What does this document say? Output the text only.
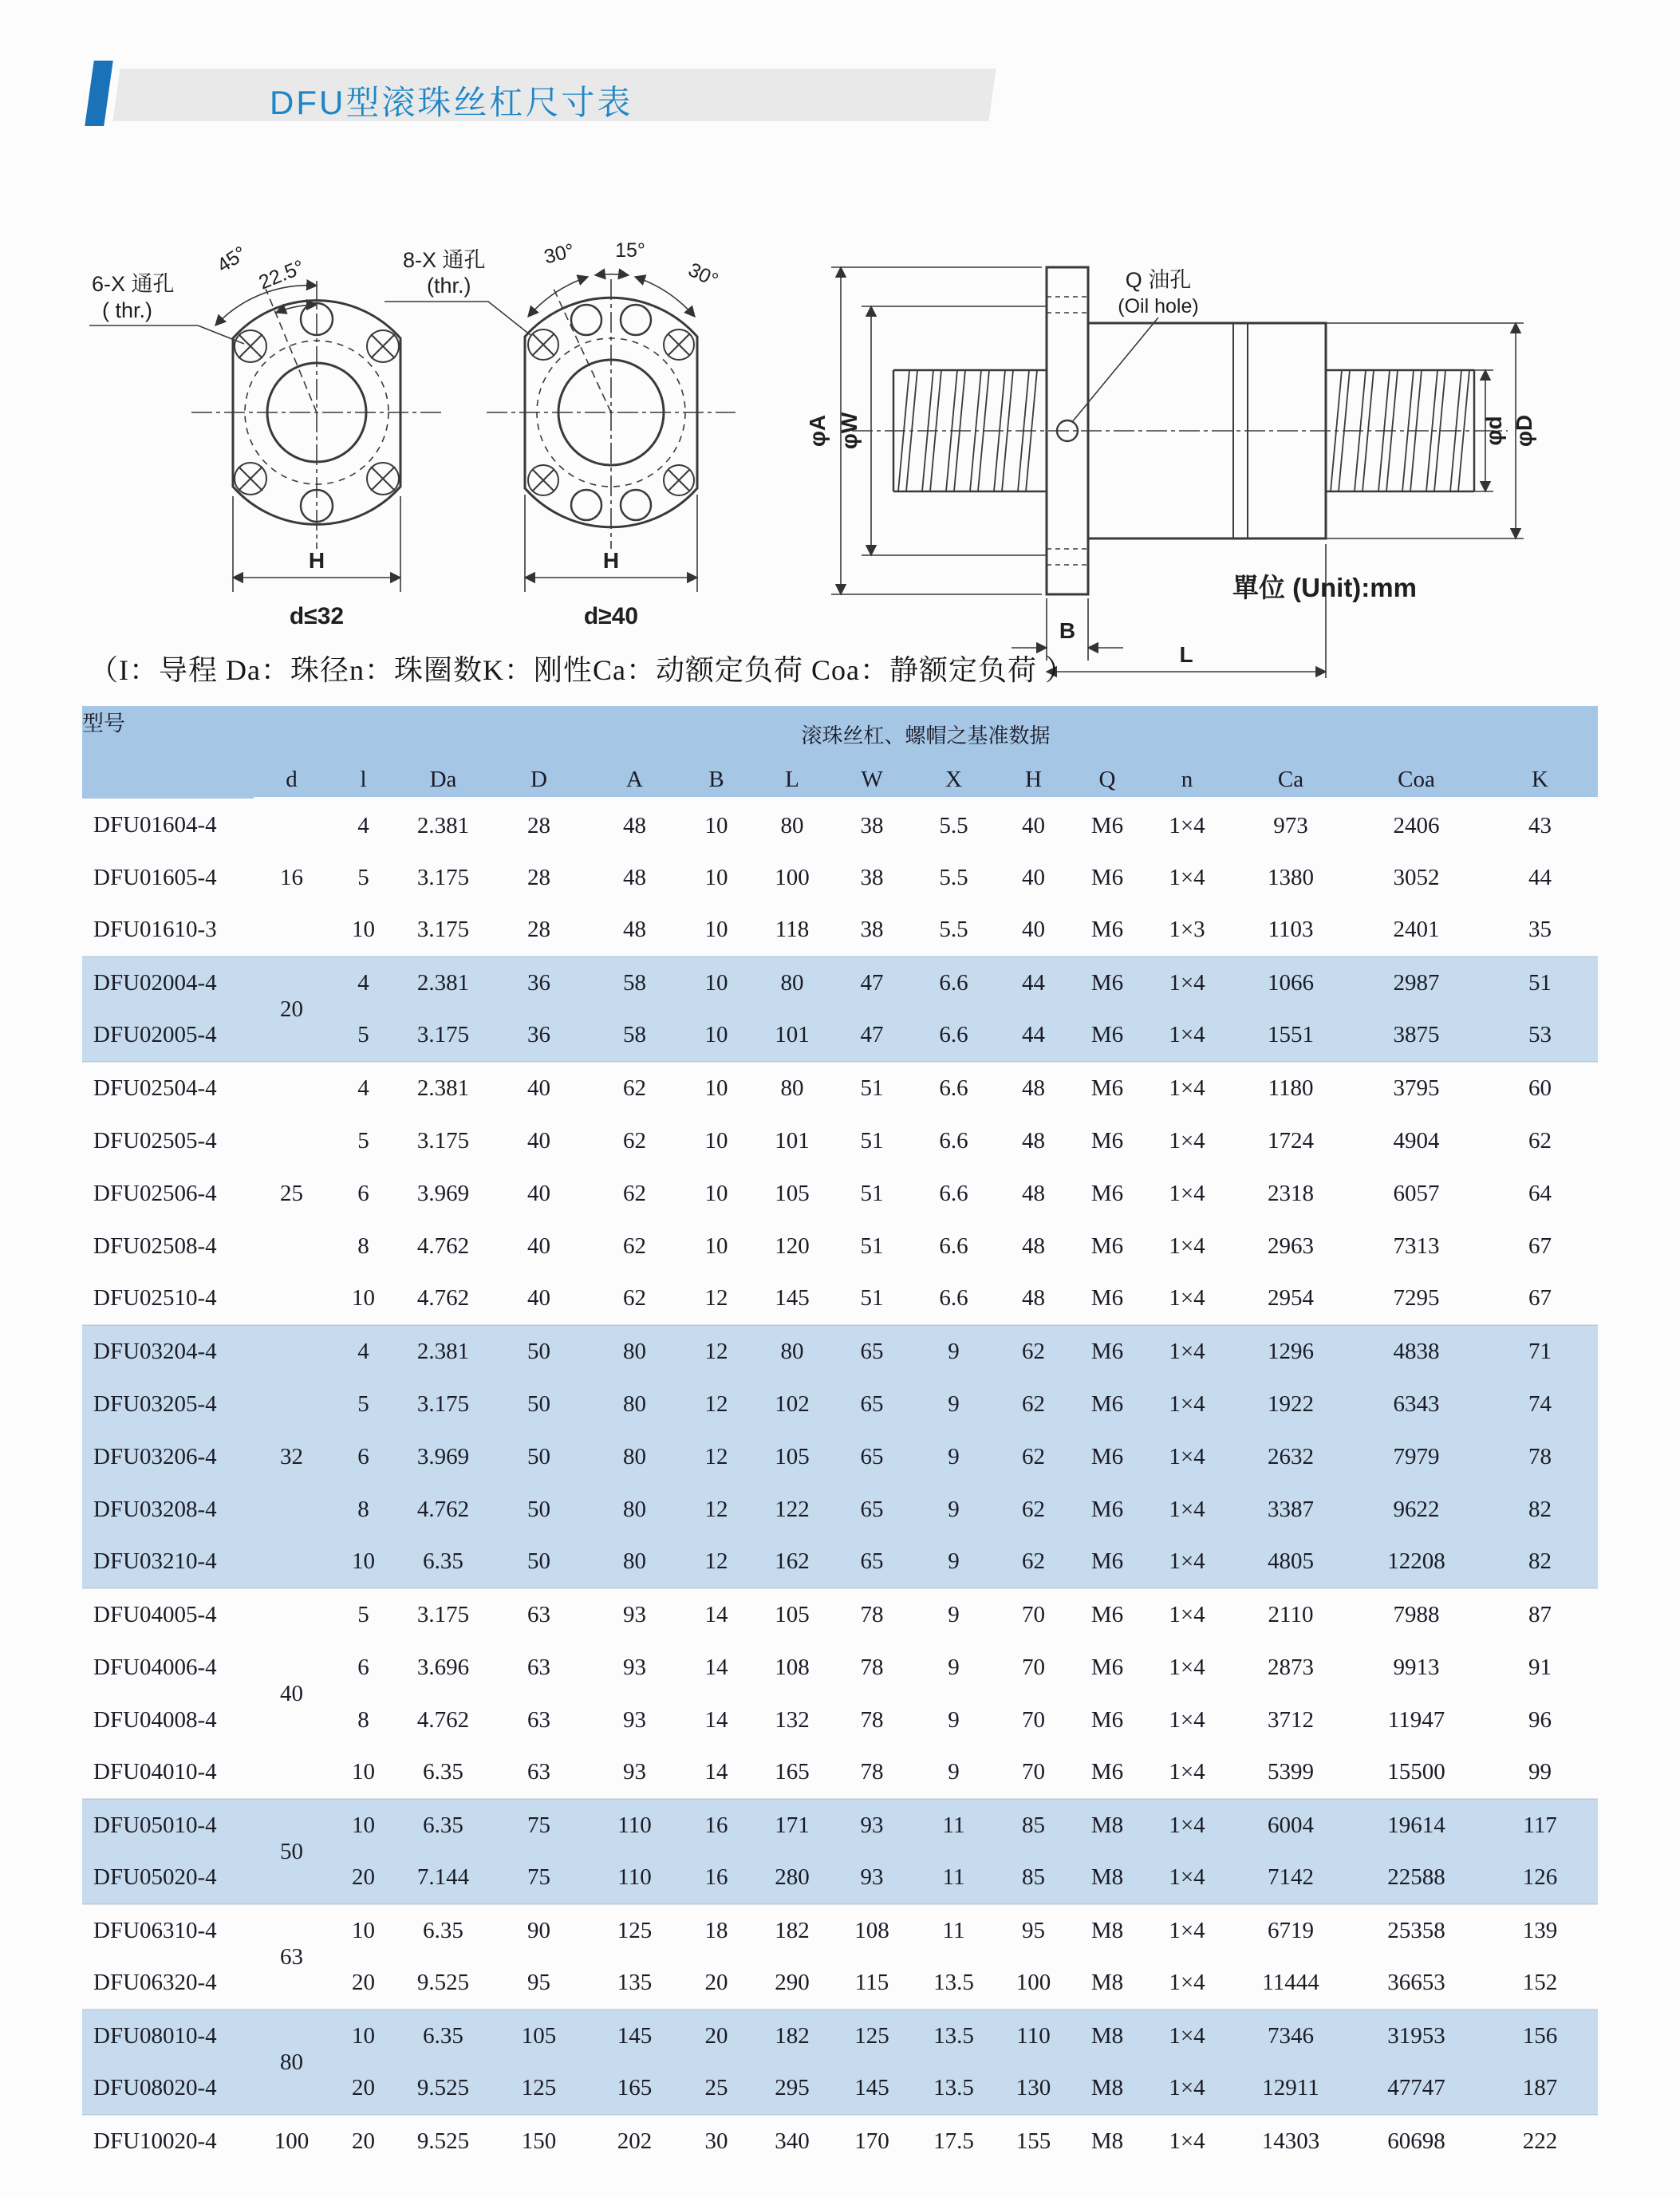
DFU型滚珠丝杠尺寸表
45° 22.5°
6-X 通孔
( thr.)
H
d≤32
30° 15°
30°
8-X 通孔
(thr.)
H
d≥40
Q 油孔
(Oil hole)
φA φW	φd φD
B
L
單位 (Unit):mm
（I：导程 Da：珠径n：珠圈数K：刚性Ca：动额定负荷 Coa：静额定负荷 ）
型号	滚珠丝杠、螺帽之基准数据														
	d	l	Da	D	A	B	L	W	X	H	Q	n	Ca	Coa	K
DFU01604-4	16	4	2.381	28	48	10	80	38	5.5	40	M6	1×4	973	2406	43
DFU01605-4		5	3.175	28	48	10	100	38	5.5	40	M6	1×4	1380	3052	44
DFU01610-3		10	3.175	28	48	10	118	38	5.5	40	M6	1×3	1103	2401	35
DFU02004-4	20	4	2.381	36	58	10	80	47	6.6	44	M6	1×4	1066	2987	51
DFU02005-4		5	3.175	36	58	10	101	47	6.6	44	M6	1×4	1551	3875	53
DFU02504-4	25	4	2.381	40	62	10	80	51	6.6	48	M6	1×4	1180	3795	60
DFU02505-4		5	3.175	40	62	10	101	51	6.6	48	M6	1×4	1724	4904	62
DFU02506-4		6	3.969	40	62	10	105	51	6.6	48	M6	1×4	2318	6057	64
DFU02508-4		8	4.762	40	62	10	120	51	6.6	48	M6	1×4	2963	7313	67
DFU02510-4		10	4.762	40	62	12	145	51	6.6	48	M6	1×4	2954	7295	67
DFU03204-4	32	4	2.381	50	80	12	80	65	9	62	M6	1×4	1296	4838	71
DFU03205-4		5	3.175	50	80	12	102	65	9	62	M6	1×4	1922	6343	74
DFU03206-4		6	3.969	50	80	12	105	65	9	62	M6	1×4	2632	7979	78
DFU03208-4		8	4.762	50	80	12	122	65	9	62	M6	1×4	3387	9622	82
DFU03210-4		10	6.35	50	80	12	162	65	9	62	M6	1×4	4805	12208	82
DFU04005-4	40	5	3.175	63	93	14	105	78	9	70	M6	1×4	2110	7988	87
DFU04006-4		6	3.696	63	93	14	108	78	9	70	M6	1×4	2873	9913	91
DFU04008-4		8	4.762	63	93	14	132	78	9	70	M6	1×4	3712	11947	96
DFU04010-4		10	6.35	63	93	14	165	78	9	70	M6	1×4	5399	15500	99
DFU05010-4	50	10	6.35	75	110	16	171	93	11	85	M8	1×4	6004	19614	117
DFU05020-4		20	7.144	75	110	16	280	93	11	85	M8	1×4	7142	22588	126
DFU06310-4	63	10	6.35	90	125	18	182	108	11	95	M8	1×4	6719	25358	139
DFU06320-4		20	9.525	95	135	20	290	115	13.5	100	M8	1×4	11444	36653	152
DFU08010-4	80	10	6.35	105	145	20	182	125	13.5	110	M8	1×4	7346	31953	156
DFU08020-4		20	9.525	125	165	25	295	145	13.5	130	M8	1×4	12911	47747	187
DFU10020-4	100	20	9.525	150	202	30	340	170	17.5	155	M8	1×4	14303	60698	222
